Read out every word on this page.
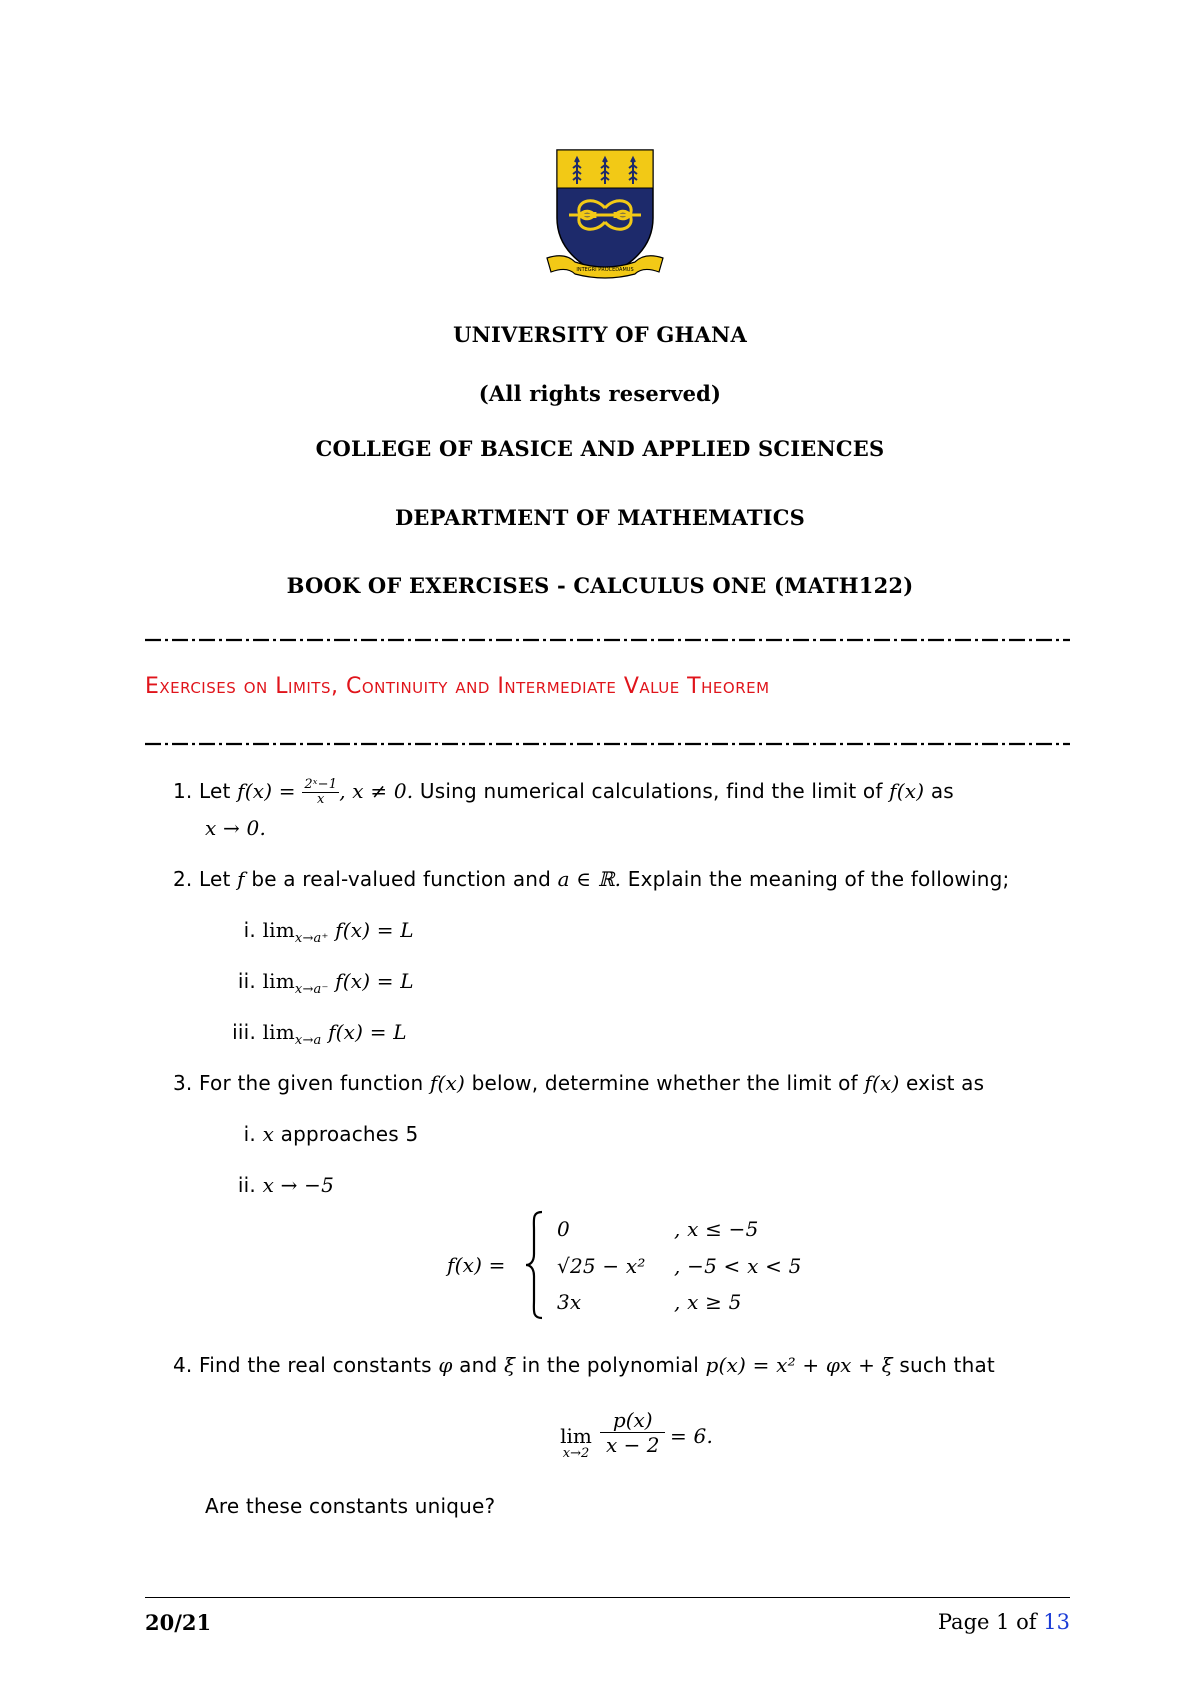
INTEGRI PROCEDAMUS
UNIVERSITY OF GHANA
(All rights reserved)
COLLEGE OF BASICE AND APPLIED SCIENCES
DEPARTMENT OF MATHEMATICS
BOOK OF EXERCISES - CALCULUS ONE (MATH122)
Exercises on Limits, Continuity and Intermediate Value Theorem
1. Let $f(x) = \frac{\text{2ˣ−1}}{x}$ , x ≠ 0. Using numerical calculations, find the limit of f(x) as
x → 0.
2. Let f be a real-valued function and a ∈ ℝ. Explain the meaning of the following;
i. $\lim_{x\to a^+} f(x) = L$
ii. $\lim_{x\to a^-} f(x) = L$
iii. $\lim_{x\to a} f(x) = L$
3. For the given function f(x) below, determine whether the limit of f(x) exist as
i. x approaches 5
ii. x → −5
f(x) =
0	, x ≤ −5
√25 − x² , −5 < x < 5
3x	, x ≥ 5
4. Find the real constants φ and ξ in the polynomial p(x) = x² + φx + ξ such that
lim
$x\to 2 \frac{p(x)}{x - 2} = 6$.
Are these constants unique?
20/21	Page 1 of 13
